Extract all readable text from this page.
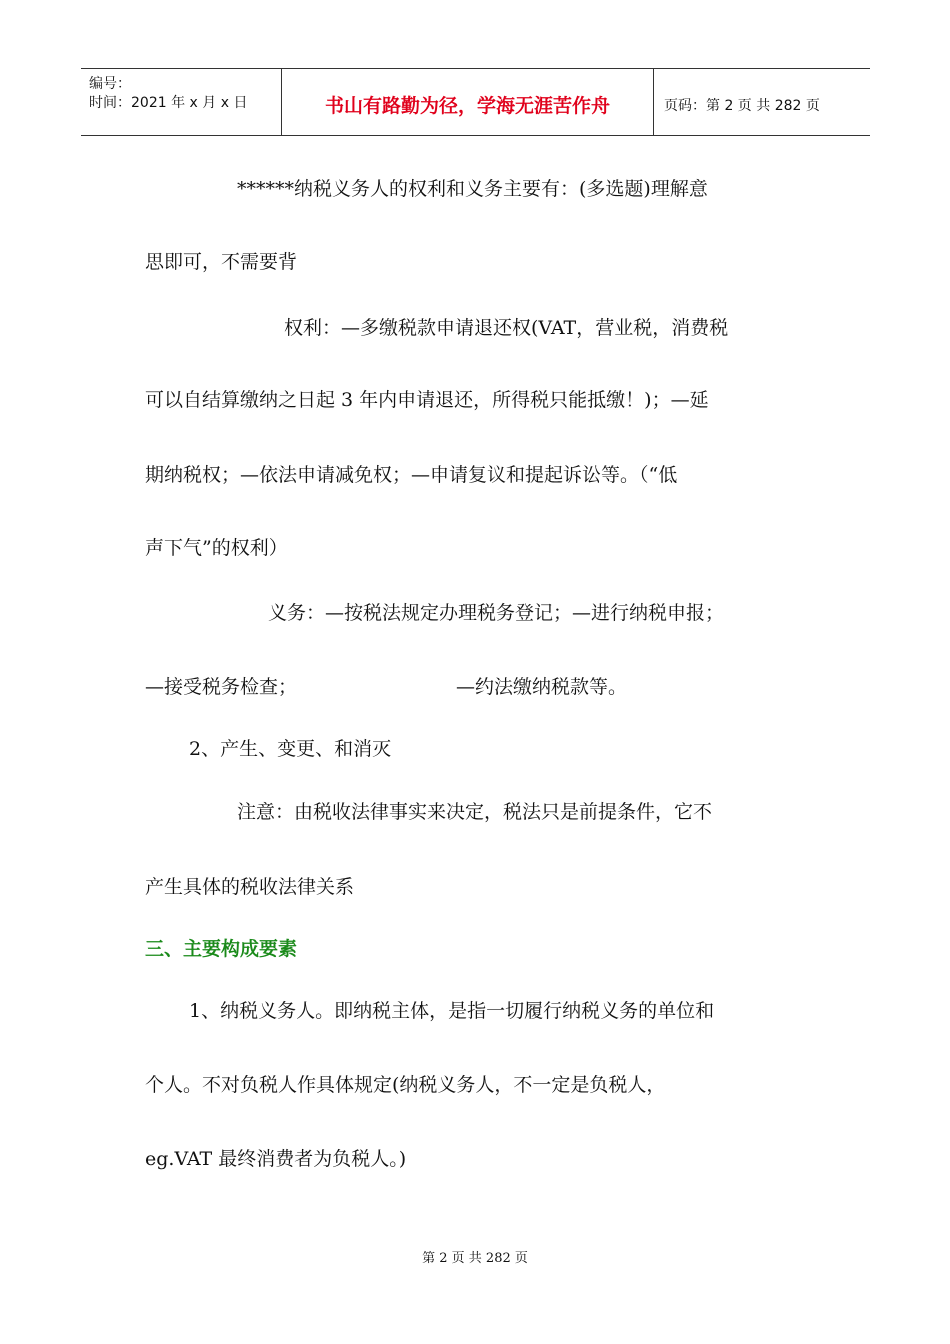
编号：
时间：2021 年 x 月 x 日	书山有路勤为径，学海无涯苦作舟	页码：第 2 页 共 282 页
******纳税义务人的权利和义务主要有：(多选题)理解意
思即可，不需要背
权利：—多缴税款申请退还权(VAT，营业税，消费税
可以自结算缴纳之日起 3 年内申请退还，所得税只能抵缴！)；—延
期纳税权；—依法申请减免权；—申请复议和提起诉讼等。（“低
声下气”的权利）
义务：—按税法规定办理税务登记；—进行纳税申报；
—接受税务检查；	—约法缴纳税款等。
2、产生、变更、和消灭
注意：由税收法律事实来决定，税法只是前提条件，它不
产生具体的税收法律关系
三、主要构成要素
1、纳税义务人。即纳税主体，是指一切履行纳税义务的单位和
个人。不对负税人作具体规定(纳税义务人，不一定是负税人，
eg.VAT 最终消费者为负税人。)
第 2 页 共 282 页
